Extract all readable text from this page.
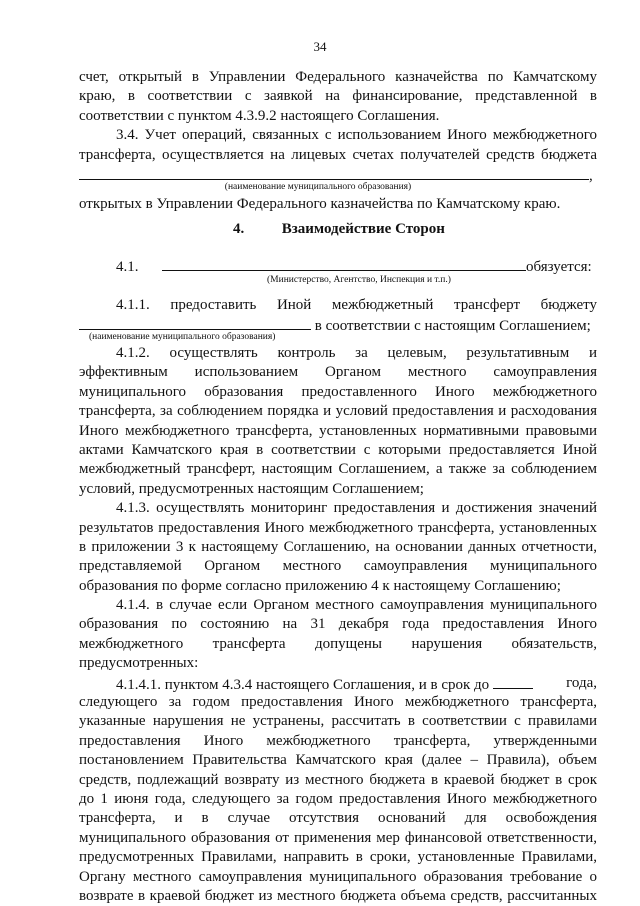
34
счет, открытый в Управлении Федерального казначейства по Камчатскому
краю, в соответствии с заявкой на финансирование, представленной в
соответствии с пунктом 4.3.9.2 настоящего Соглашения.
3.4. Учет операций, связанных с использованием Иного межбюджетного
трансферта, осуществляется на лицевых счетах получателей средств бюджета
,
(наименование муниципального образования)
открытых в Управлении Федерального казначейства по Камчатскому краю.
4.	Взаимодействие Сторон
4.1.	обязуется:
(Министерство, Агентство, Инспекция и т.п.)
4.1.1. предоставить Иной межбюджетный трансферт бюджету
в соответствии с настоящим Соглашением;
(наименование муниципального образования)
4.1.2. осуществлять контроль за целевым, результативным и
эффективным использованием Органом местного самоуправления
муниципального образования предоставленного Иного межбюджетного
трансферта, за соблюдением порядка и условий предоставления и расходования
Иного межбюджетного трансферта, установленных нормативными правовыми
актами Камчатского края в соответствии с которыми предоставляется Иной
межбюджетный трансферт, настоящим Соглашением, а также за соблюдением
условий, предусмотренных настоящим Соглашением;
4.1.3. осуществлять мониторинг предоставления и достижения значений
результатов предоставления Иного межбюджетного трансферта, установленных
в приложении 3 к настоящему Соглашению, на основании данных отчетности,
представляемой Органом местного самоуправления муниципального
образования по форме согласно приложению 4 к настоящему Соглашению;
4.1.4. в случае если Органом местного самоуправления муниципального
образования по состоянию на 31 декабря года предоставления Иного
межбюджетного трансферта допущены нарушения обязательств,
предусмотренных:
4.1.4.1. пунктом 4.3.4 настоящего Соглашения, и в срок до	года,
следующего за годом предоставления Иного межбюджетного трансферта,
указанные нарушения не устранены, рассчитать в соответствии с правилами
предоставления Иного межбюджетного трансферта, утвержденными
постановлением Правительства Камчатского края (далее – Правила), объем
средств, подлежащий возврату из местного бюджета в краевой бюджет в срок
до 1 июня года, следующего за годом предоставления Иного межбюджетного
трансферта, и в случае отсутствия оснований для освобождения
муниципального образования от применения мер финансовой ответственности,
предусмотренных Правилами, направить в сроки, установленные Правилами,
Органу местного самоуправления муниципального образования требование о
возврате в краевой бюджет из местного бюджета объема средств, рассчитанных
